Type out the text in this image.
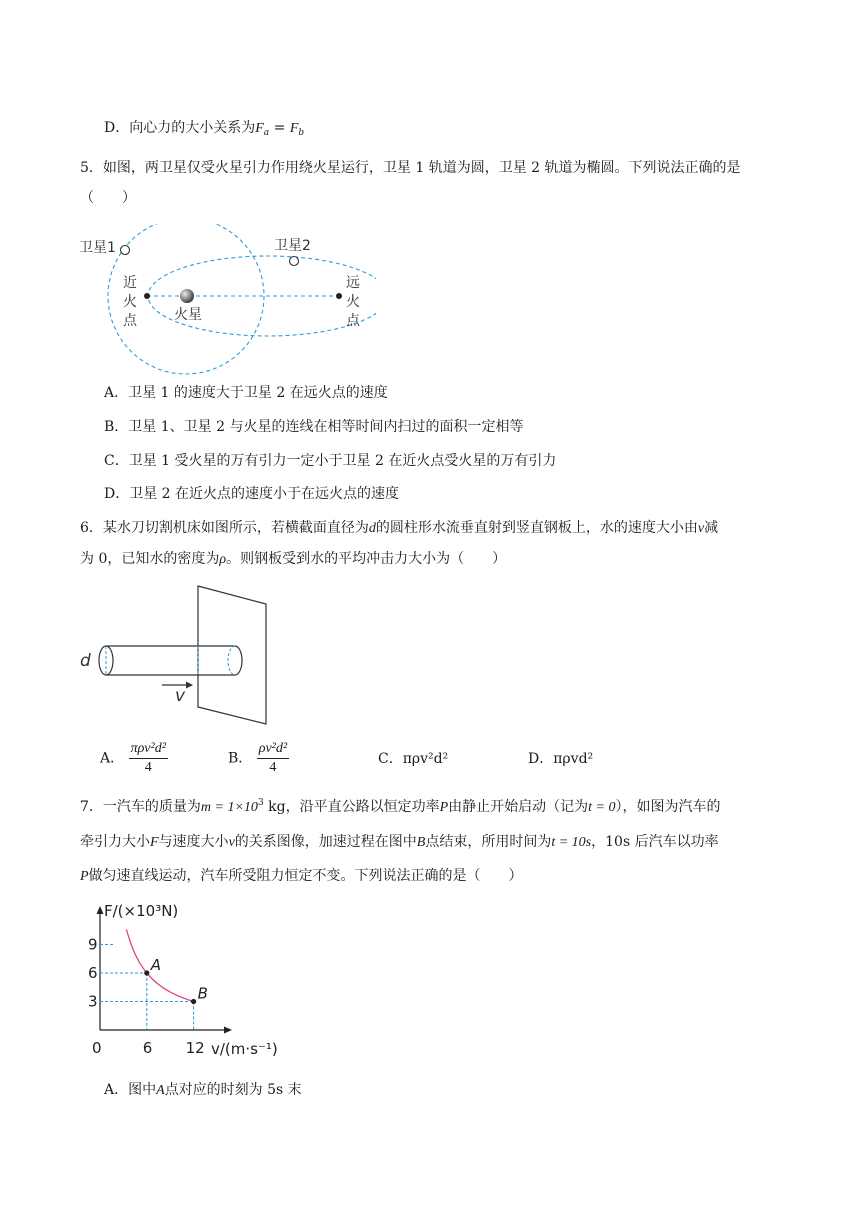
D．向心力的大小关系为$F_a = F_b$
5．如图，两卫星仅受火星引力作用绕火星运行，卫星 1 轨道为圆，卫星 2 轨道为椭圆。下列说法正确的是
（　　）
卫星1	卫星2
近
火
点
远
火
点
火星
A．卫星 1 的速度大于卫星 2 在远火点的速度
B．卫星 1、卫星 2 与火星的连线在相等时间内扫过的面积一定相等
C．卫星 1 受火星的万有引力一定小于卫星 2 在近火点受火星的万有引力
D．卫星 2 在近火点的速度小于在远火点的速度
6．某水刀切割机床如图所示，若横截面直径为d的圆柱形水流垂直射到竖直钢板上，水的速度大小由v减
为 0，已知水的密度为ρ。则钢板受到水的平均冲击力大小为（　　）
d
v
A． $\frac{\text{πρv²d²}}{4}$	B． $\frac{\text{ρv²d²}}{4}$	C．πρv²d²	D．πρvd²
7．一汽车的质量为$m = 1\times 10^3$ kg，沿平直公路以恒定功率P由静止开始启动（记为t = 0），如图为汽车的
牵引力大小F与速度大小v的关系图像，加速过程在图中B点结束，所用时间为t = 10s，10s 后汽车以功率
P做匀速直线运动，汽车所受阻力恒定不变。下列说法正确的是（　　）
3
6
9
6 12
A
B
F/(×10³N)
v/(m·s⁻¹)
0
A．图中A点对应的时刻为 5s 末
